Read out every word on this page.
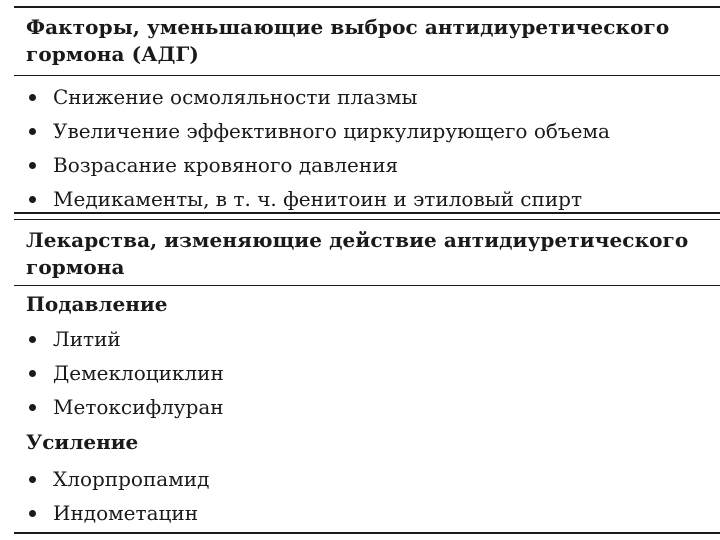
Факторы, уменьшающие выброс антидиуретического
гормона (АДГ)
Снижение осмоляльности плазмы
Увеличение эффективного циркулирующего объема
Возрасание кровяного давления
Медикаменты, в т. ч. фенитоин и этиловый спирт
Лекарства, изменяющие действие антидиуретического
гормона
Подавление
Литий
Демеклоциклин
Метоксифлуран
Усиление
Хлорпропамид
Индометацин
